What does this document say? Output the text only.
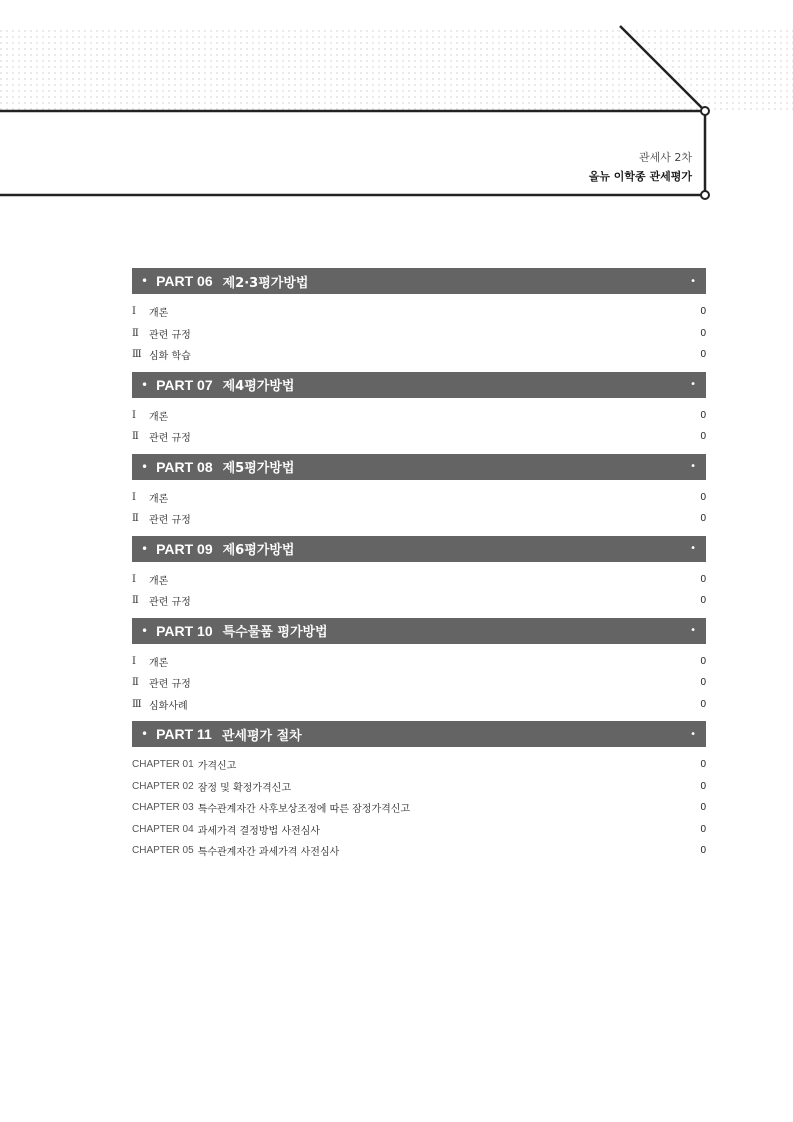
관세사 2차
올뉴 이학종 관세평가
• PART 06 제2·3평가방법	•
Ⅰ	개론	0
Ⅱ	관련 규정	0
Ⅲ 심화 학습	0
• PART 07 제4평가방법	•
Ⅰ	개론	0
Ⅱ	관련 규정	0
• PART 08 제5평가방법	•
Ⅰ	개론	0
Ⅱ	관련 규정	0
• PART 09 제6평가방법	•
Ⅰ	개론	0
Ⅱ	관련 규정	0
• PART 10 특수물품 평가방법	•
Ⅰ	개론	0
Ⅱ	관련 규정	0
Ⅲ 심화사례	0
• PART 11 관세평가 절차	•
CHAPTER 01 가격신고	0
CHAPTER 02 잠정 및 확정가격신고	0
CHAPTER 03 특수관계자간 사후보상조정에 따른 잠정가격신고	0
CHAPTER 04 과세가격 결정방법 사전심사	0
CHAPTER 05 특수관계자간 과세가격 사전심사	0
